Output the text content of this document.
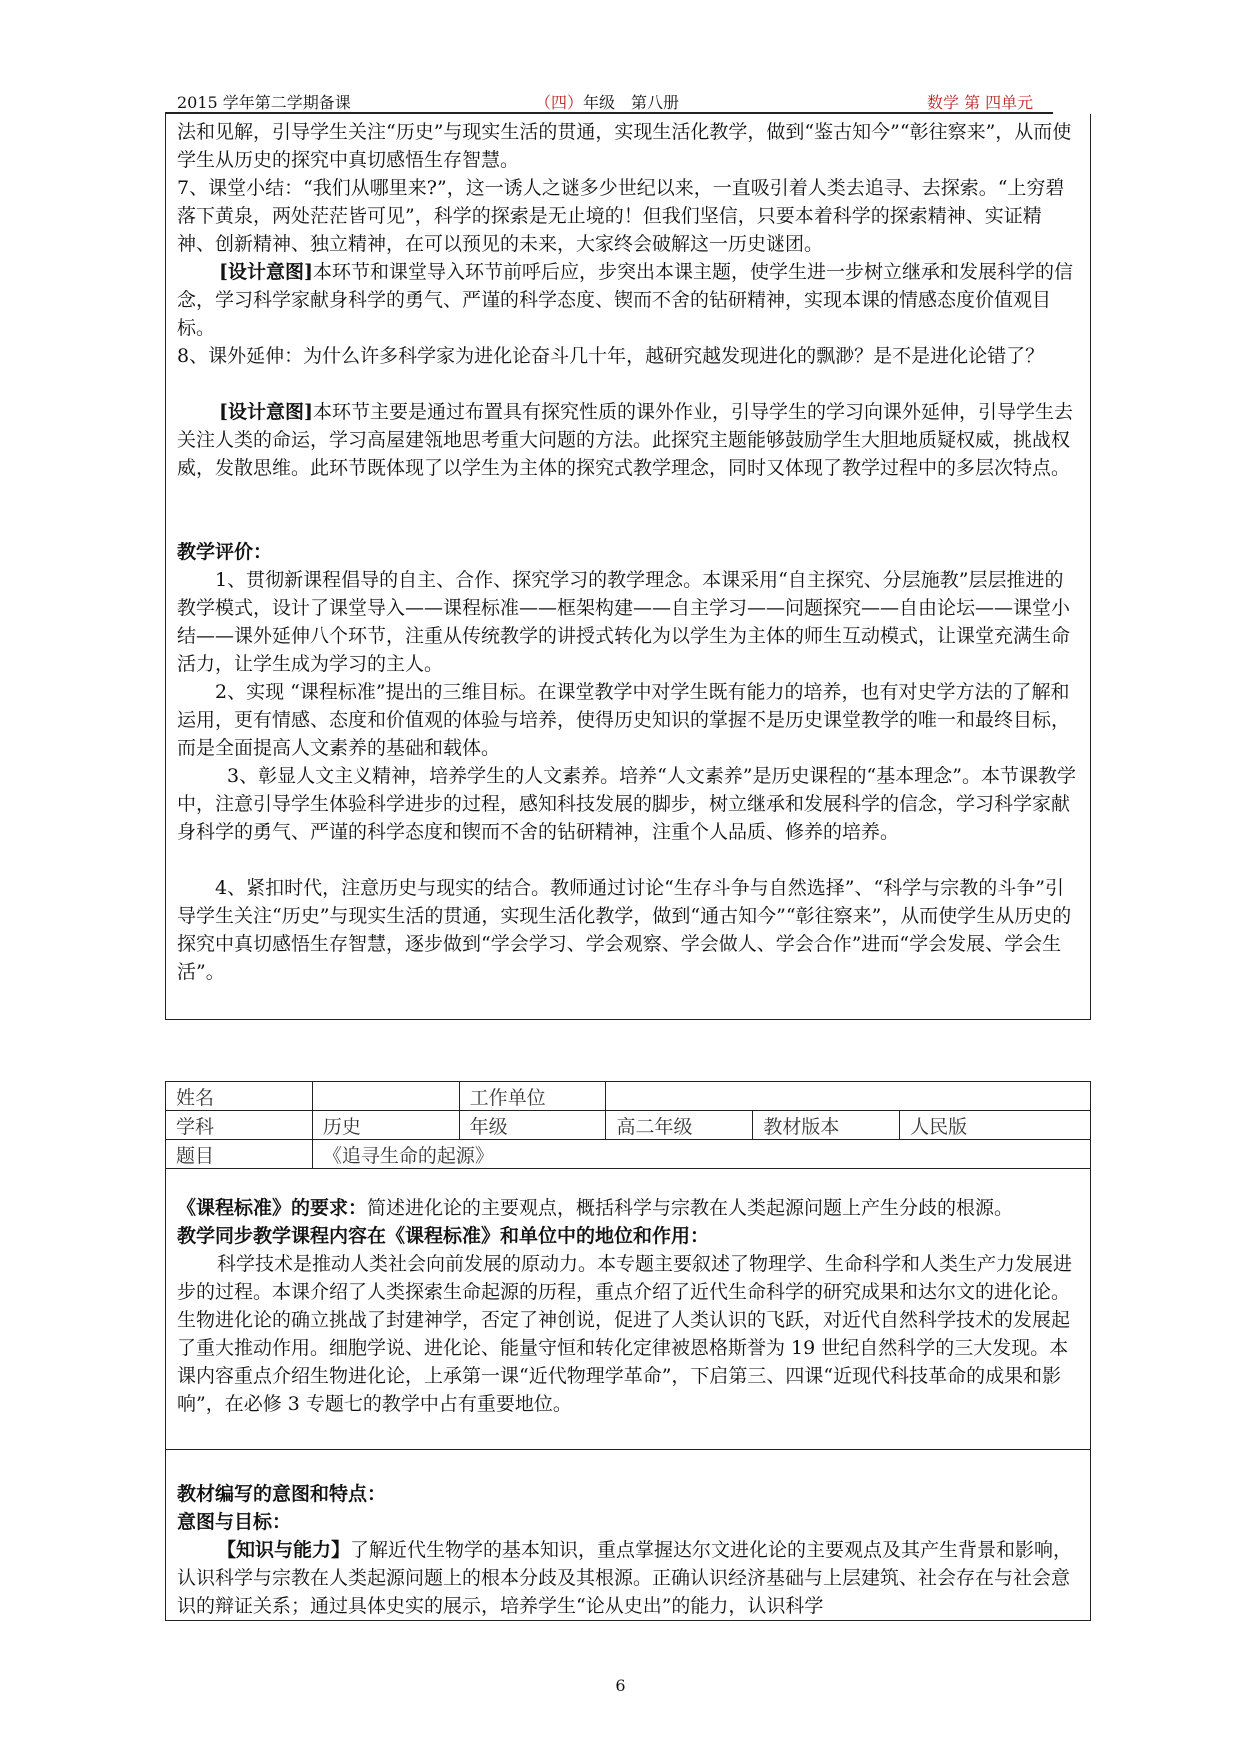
2015 学年第二学期备课	（四）年级　第八册	数学 第 四单元

法和见解，引导学生关注“历史”与现实生活的贯通，实现生活化教学，做到“鉴古知今”“彰往察来”，从而使学生从历史的探究中真切感悟生存智慧。

7、课堂小结：“我们从哪里来?”，这一诱人之谜多少世纪以来，一直吸引着人类去追寻、去探索。“上穷碧落下黄泉，两处茫茫皆可见”，科学的探索是无止境的！但我们坚信，只要本着科学的探索精神、实证精神、创新精神、独立精神，在可以预见的未来，大家终会破解这一历史谜团。

[设计意图]本环节和课堂导入环节前呼后应，步突出本课主题，使学生进一步树立继承和发展科学的信念，学习科学家献身科学的勇气、严谨的科学态度、锲而不舍的钻研精神，实现本课的情感态度价值观目标。

8、课外延伸：为什么许多科学家为进化论奋斗几十年，越研究越发现进化的飘渺？是不是进化论错了？

[设计意图]本环节主要是通过布置具有探究性质的课外作业，引导学生的学习向课外延伸，引导学生去关注人类的命运，学习高屋建瓴地思考重大问题的方法。此探究主题能够鼓励学生大胆地质疑权威，挑战权威，发散思维。此环节既体现了以学生为主体的探究式教学理念，同时又体现了教学过程中的多层次特点。

教学评价：

1、贯彻新课程倡导的自主、合作、探究学习的教学理念。本课采用“自主探究、分层施教”层层推进的教学模式，设计了课堂导入——课程标准——框架构建——自主学习——问题探究——自由论坛——课堂小结——课外延伸八个环节，注重从传统教学的讲授式转化为以学生为主体的师生互动模式，让课堂充满生命活力，让学生成为学习的主人。

2、实现 “课程标准”提出的三维目标。在课堂教学中对学生既有能力的培养，也有对史学方法的了解和运用，更有情感、态度和价值观的体验与培养，使得历史知识的掌握不是历史课堂教学的唯一和最终目标，而是全面提高人文素养的基础和载体。

3、彰显人文主义精神，培养学生的人文素养。培养“人文素养”是历史课程的“基本理念”。本节课教学中，注意引导学生体验科学进步的过程，感知科技发展的脚步，树立继承和发展科学的信念，学习科学家献身科学的勇气、严谨的科学态度和锲而不舍的钻研精神，注重个人品质、修养的培养。

4、紧扣时代，注意历史与现实的结合。教师通过讨论“生存斗争与自然选择”、“科学与宗教的斗争”引导学生关注“历史”与现实生活的贯通，实现生活化教学，做到“通古知今”“彰往察来”，从而使学生从历史的探究中真切感悟生存智慧，逐步做到“学会学习、学会观察、学会做人、学会合作”进而“学会发展、学会生活”。

姓名		工作单位			
学科	历史	年级	高二年级	教材版本	人民版
题目	《追寻生命的起源》				

《课程标准》的要求：简述进化论的主要观点，概括科学与宗教在人类起源问题上产生分歧的根源。

教学同步教学课程内容在《课程标准》和单位中的地位和作用：

科学技术是推动人类社会向前发展的原动力。本专题主要叙述了物理学、生命科学和人类生产力发展进步的过程。本课介绍了人类探索生命起源的历程，重点介绍了近代生命科学的研究成果和达尔文的进化论。生物进化论的确立挑战了封建神学，否定了神创说，促进了人类认识的飞跃，对近代自然科学技术的发展起了重大推动作用。细胞学说、进化论、能量守恒和转化定律被恩格斯誉为 19 世纪自然科学的三大发现。本课内容重点介绍生物进化论，上承第一课“近代物理学革命”，下启第三、四课“近现代科技革命的成果和影响”，在必修 3 专题七的教学中占有重要地位。

教材编写的意图和特点：

意图与目标：

【知识与能力】了解近代生物学的基本知识，重点掌握达尔文进化论的主要观点及其产生背景和影响，认识科学与宗教在人类起源问题上的根本分歧及其根源。正确认识经济基础与上层建筑、社会存在与社会意识的辩证关系；通过具体史实的展示，培养学生“论从史出”的能力，认识科学

6
